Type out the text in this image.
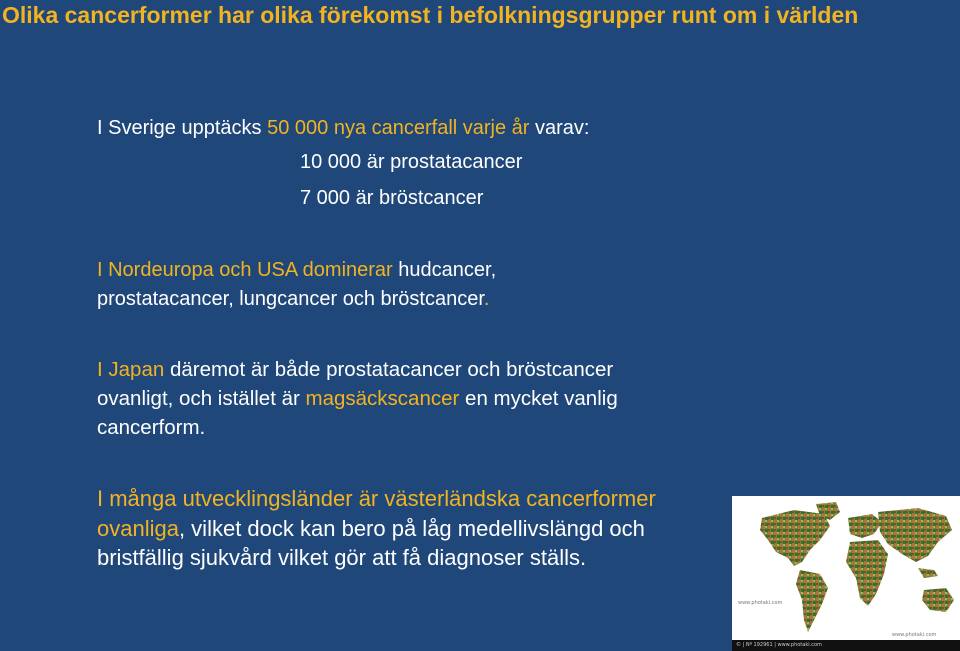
Olika cancerformer har olika förekomst i befolkningsgrupper runt om i världen
I Sverige upptäcks 50 000 nya cancerfall varje år varav:
10 000 är prostatacancer
7 000 är bröstcancer
I Nordeuropa och USA dominerar hudcancer,
prostatacancer, lungcancer och bröstcancer.
I Japan däremot är både prostatacancer och bröstcancer
ovanligt, och istället är magsäckscancer en mycket vanlig
cancerform.
I många utvecklingsländer är västerländska cancerformer
ovanliga, vilket dock kan bero på låg medellivslängd och
bristfällig sjukvård vilket gör att få diagnoser ställs.
www.photaki.com
www.photaki.com
© | Nº 192961 | www.photaki.com
